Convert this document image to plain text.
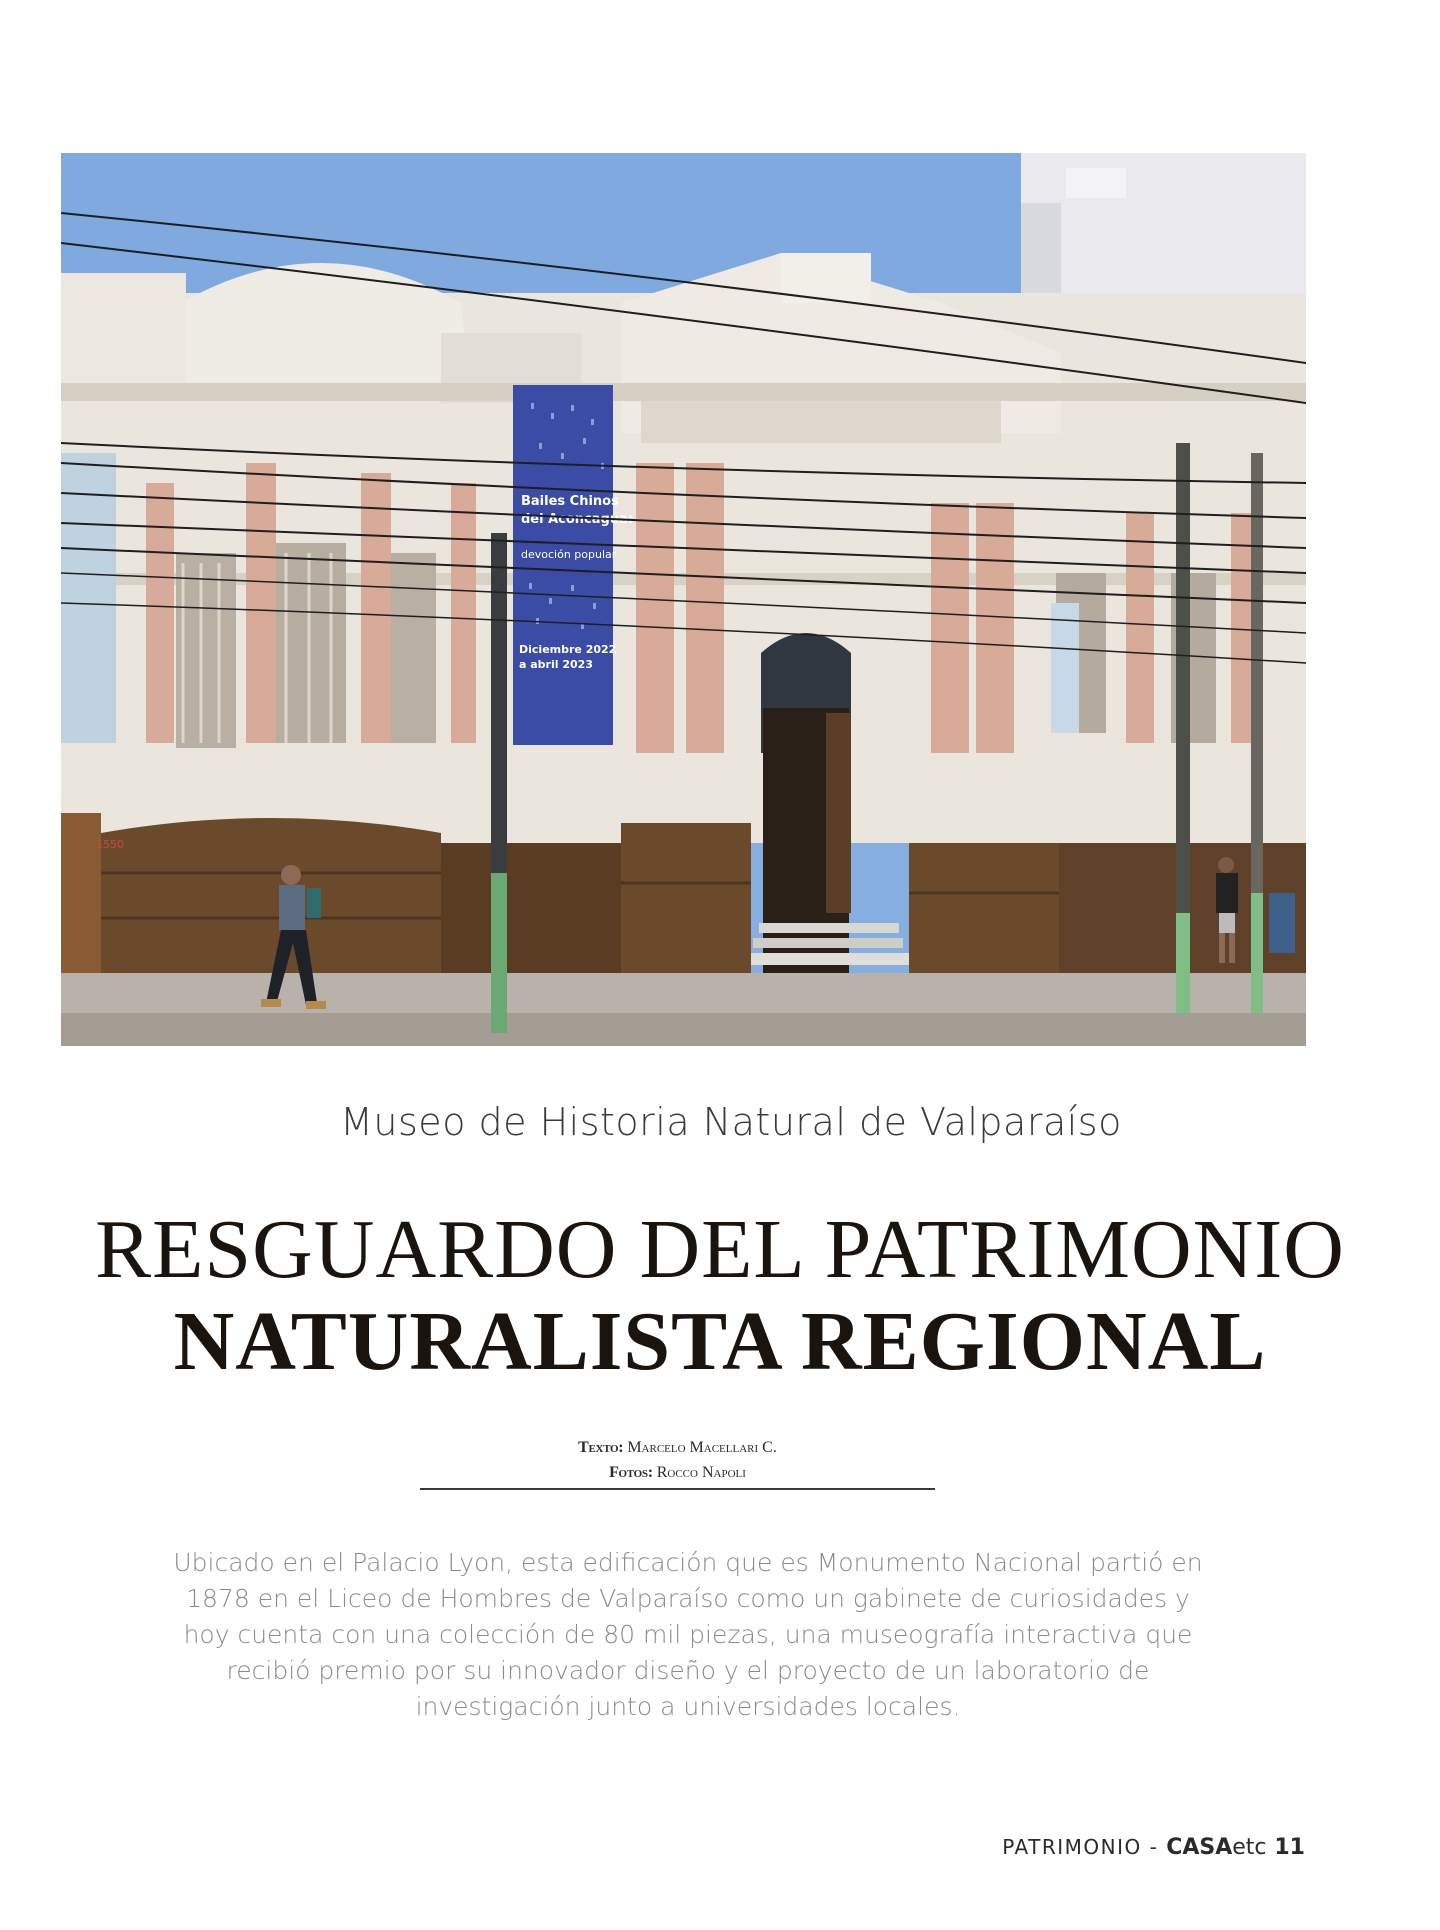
Bailes Chinos
del Aconcagua:
devoción popular
Diciembre 2022
a abril 2023
1550
Museo de Historia Natural de Valparaíso
RESGUARDO DEL PATRIMONIO
NATURALISTA REGIONAL
Texto: Marcelo Macellari C.
Fotos: Rocco Napoli
Ubicado en el Palacio Lyon, esta edificación que es Monumento Nacional partió en 1878 en el Liceo de Hombres de Valparaíso como un gabinete de curiosidades y hoy cuenta con una colección de 80 mil piezas, una museografía interactiva que recibió premio por su innovador diseño y el proyecto de un laboratorio de investigación junto a universidades locales.
PATRIMONIO - CASAetc 11
